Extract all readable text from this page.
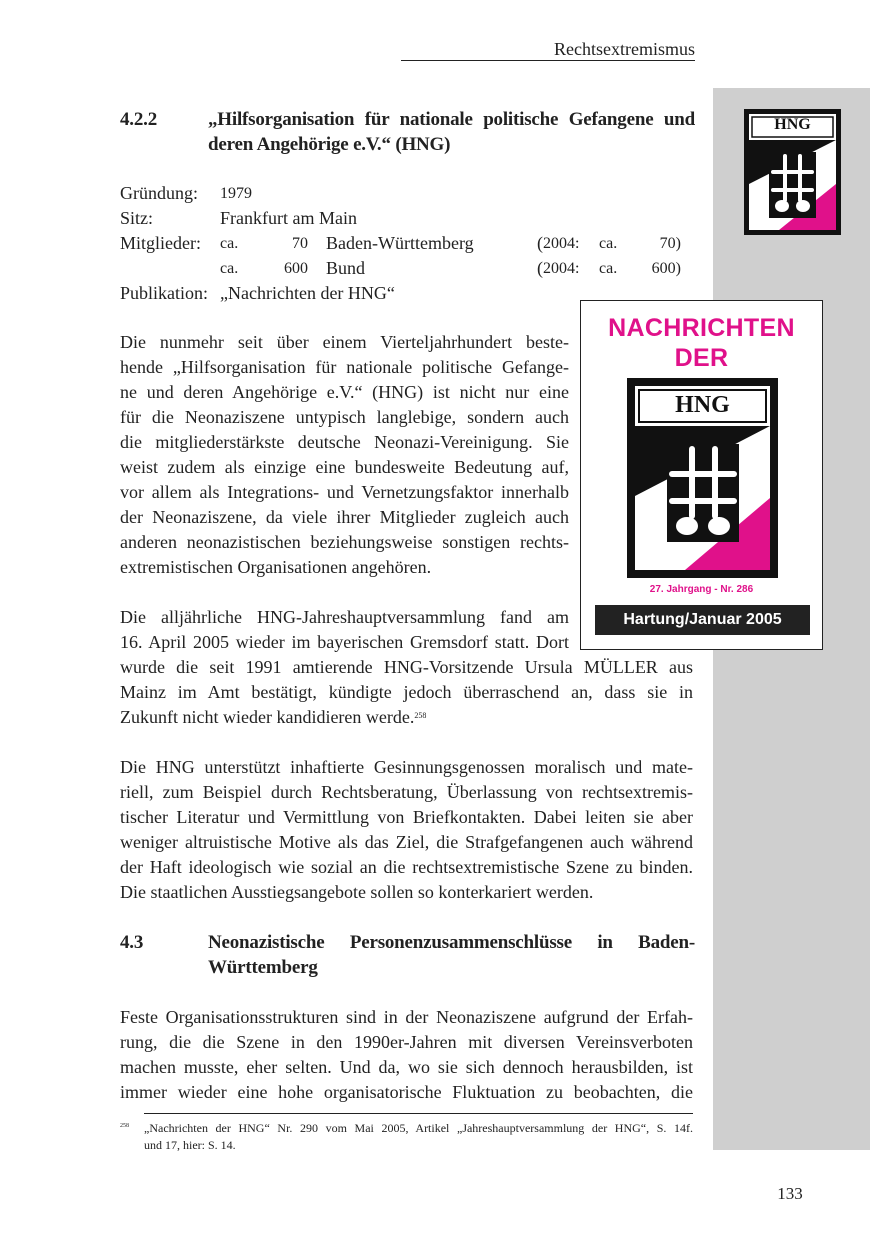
Rechtsextremismus
4.2.2	„Hilfsorganisation für nationale politische Gefangene und deren Angehörige e.V.“ (HNG)
Gründung: 1979
Sitz:	Frankfurt am Main
Mitglieder: ca.	70 Baden-Württemberg	( 2004: ca.	70)
ca.	600 Bund	( 2004: ca.	600)
Publikation: „Nachrichten der HNG“
Die nunmehr seit über einem Vierteljahrhundert beste-
hende „Hilfsorganisation für nationale politische Gefange-
ne und deren Angehörige e.V.“ (HNG) ist nicht nur eine
für die Neonaziszene untypisch langlebige, sondern auch
die mitgliederstärkste deutsche Neonazi-Vereinigung. Sie
weist zudem als einzige eine bundesweite Bedeutung auf,
vor allem als Integrations- und Vernetzungsfaktor innerhalb
der Neonaziszene, da viele ihrer Mitglieder zugleich auch
anderen neonazistischen beziehungsweise sonstigen rechts-
extremistischen Organisationen angehören.
Die alljährliche HNG-Jahreshauptversammlung fand am
16. April 2005 wieder im bayerischen Gremsdorf statt. Dort
wurde die seit 1991 amtierende HNG-Vorsitzende Ursula MÜLLER aus
Mainz im Amt bestätigt, kündigte jedoch überraschend an, dass sie in
Zukunft nicht wieder kandidieren werde.$^{258}$
Die HNG unterstützt inhaftierte Gesinnungsgenossen moralisch und mate-
riell, zum Beispiel durch Rechtsberatung, Überlassung von rechtsextremis-
tischer Literatur und Vermittlung von Briefkontakten. Dabei leiten sie aber
weniger altruistische Motive als das Ziel, die Strafgefangenen auch während
der Haft ideologisch wie sozial an die rechtsextremistische Szene zu binden.
Die staatlichen Ausstiegsangebote sollen so konterkariert werden.
4.3	Neonazistische Personenzusammenschlüsse in Baden-Württemberg
Feste Organisationsstrukturen sind in der Neonaziszene aufgrund der Erfah-
rung, die die Szene in den 1990er-Jahren mit diversen Vereinsverboten
machen musste, eher selten. Und da, wo sie sich dennoch herausbilden, ist
immer wieder eine hohe organisatorische Fluktuation zu beobachten, die
258 „Nachrichten der HNG“ Nr. 290 vom Mai 2005, Artikel „Jahreshauptversammlung der HNG“, S. 14f.
und 17, hier: S. 14.
133
HNG
NACHRICHTEN
DER
HNG
27. Jahrgang - Nr. 286
Hartung/Januar 2005
